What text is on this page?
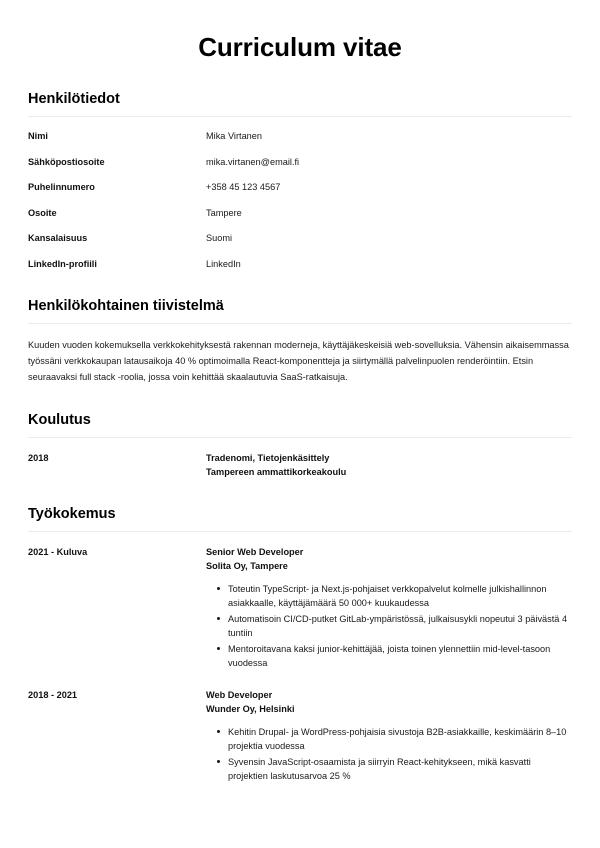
Curriculum vitae
Henkilötiedot
Nimi	Mika Virtanen
Sähköpostiosoite	mika.virtanen@email.fi
Puhelinnumero	+358 45 123 4567
Osoite	Tampere
Kansalaisuus	Suomi
LinkedIn-profiili	LinkedIn
Henkilökohtainen tiivistelmä

Kuuden vuoden kokemuksella verkkokehityksestä rakennan moderneja, käyttäjäkeskeisiä web-sovelluksia. Vähensin aikaisemmassa työssäni verkkokaupan latausaikoja 40 % optimoimalla React-komponentteja ja siirtymällä palvelinpuolen renderöintiin. Etsin seuraavaksi full stack -roolia, jossa voin kehittää skaalautuvia SaaS-ratkaisuja.

Koulutus
2018	Tradenomi, Tietojenkäsittely
Tampereen ammattikorkeakoulu
Työkokemus
2021 - Kuluva	Senior Web Developer
Solita Oy, Tampere
Toteutin TypeScript- ja Next.js-pohjaiset verkkopalvelut kolmelle julkishallinnon asiakkaalle, käyttäjämäärä 50 000+ kuukaudessa
Automatisoin CI/CD-putket GitLab-ympäristössä, julkaisusykli nopeutui 3 päivästä 4 tuntiin
Mentoroitavana kaksi junior-kehittäjää, joista toinen ylennettiin mid-level-tasoon vuodessa
2018 - 2021	Web Developer
Wunder Oy, Helsinki
Kehitin Drupal- ja WordPress-pohjaisia sivustoja B2B-asiakkaille, keskimäärin 8–10 projektia vuodessa
Syvensin JavaScript-osaamista ja siirryin React-kehitykseen, mikä kasvatti projektien laskutusarvoa 25 %
